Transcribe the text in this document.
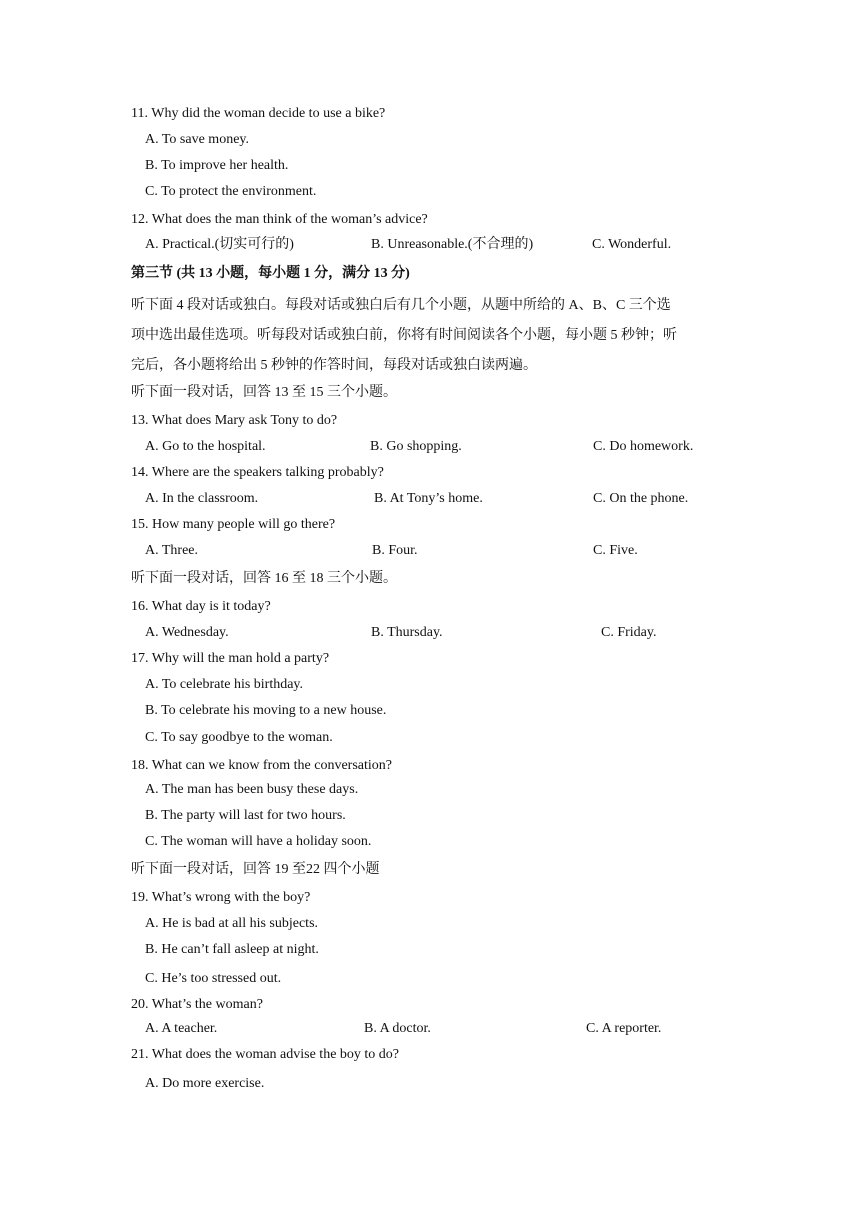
11. Why did the woman decide to use a bike?
A. To save money.
B. To improve her health.
C. To protect the environment.
12. What does the man think of the woman’s advice?
A. Practical.(切实可行的)	B. Unreasonable.(不合理的)	C. Wonderful.
第三节 (共 13 小题，每小题 1 分，满分 13 分)
听下面 4 段对话或独白。每段对话或独白后有几个小题，从题中所给的 A、B、C 三个选
项中选出最佳选项。听每段对话或独白前，你将有时间阅读各个小题，每小题 5 秒钟；听
完后，各小题将给出 5 秒钟的作答时间，每段对话或独白读两遍。
听下面一段对话，回答 13 至 15 三个小题。
13. What does Mary ask Tony to do?
A. Go to the hospital.	B. Go shopping.	C. Do homework.
14. Where are the speakers talking probably?
A. In the classroom.	B. At Tony’s home.	C. On the phone.
15. How many people will go there?
A. Three.	B. Four.	C. Five.
听下面一段对话，回答 16 至 18 三个小题。
16. What day is it today?
A. Wednesday.	B. Thursday.	C. Friday.
17. Why will the man hold a party?
A. To celebrate his birthday.
B. To celebrate his moving to a new house.
C. To say goodbye to the woman.
18. What can we know from the conversation?
A. The man has been busy these days.
B. The party will last for two hours.
C. The woman will have a holiday soon.
听下面一段对话，回答 19 至22 四个小题
19. What’s wrong with the boy?
A. He is bad at all his subjects.
B. He can’t fall asleep at night.
C. He’s too stressed out.
20. What’s the woman?
A. A teacher.	B. A doctor.	C. A reporter.
21. What does the woman advise the boy to do?
A. Do more exercise.
